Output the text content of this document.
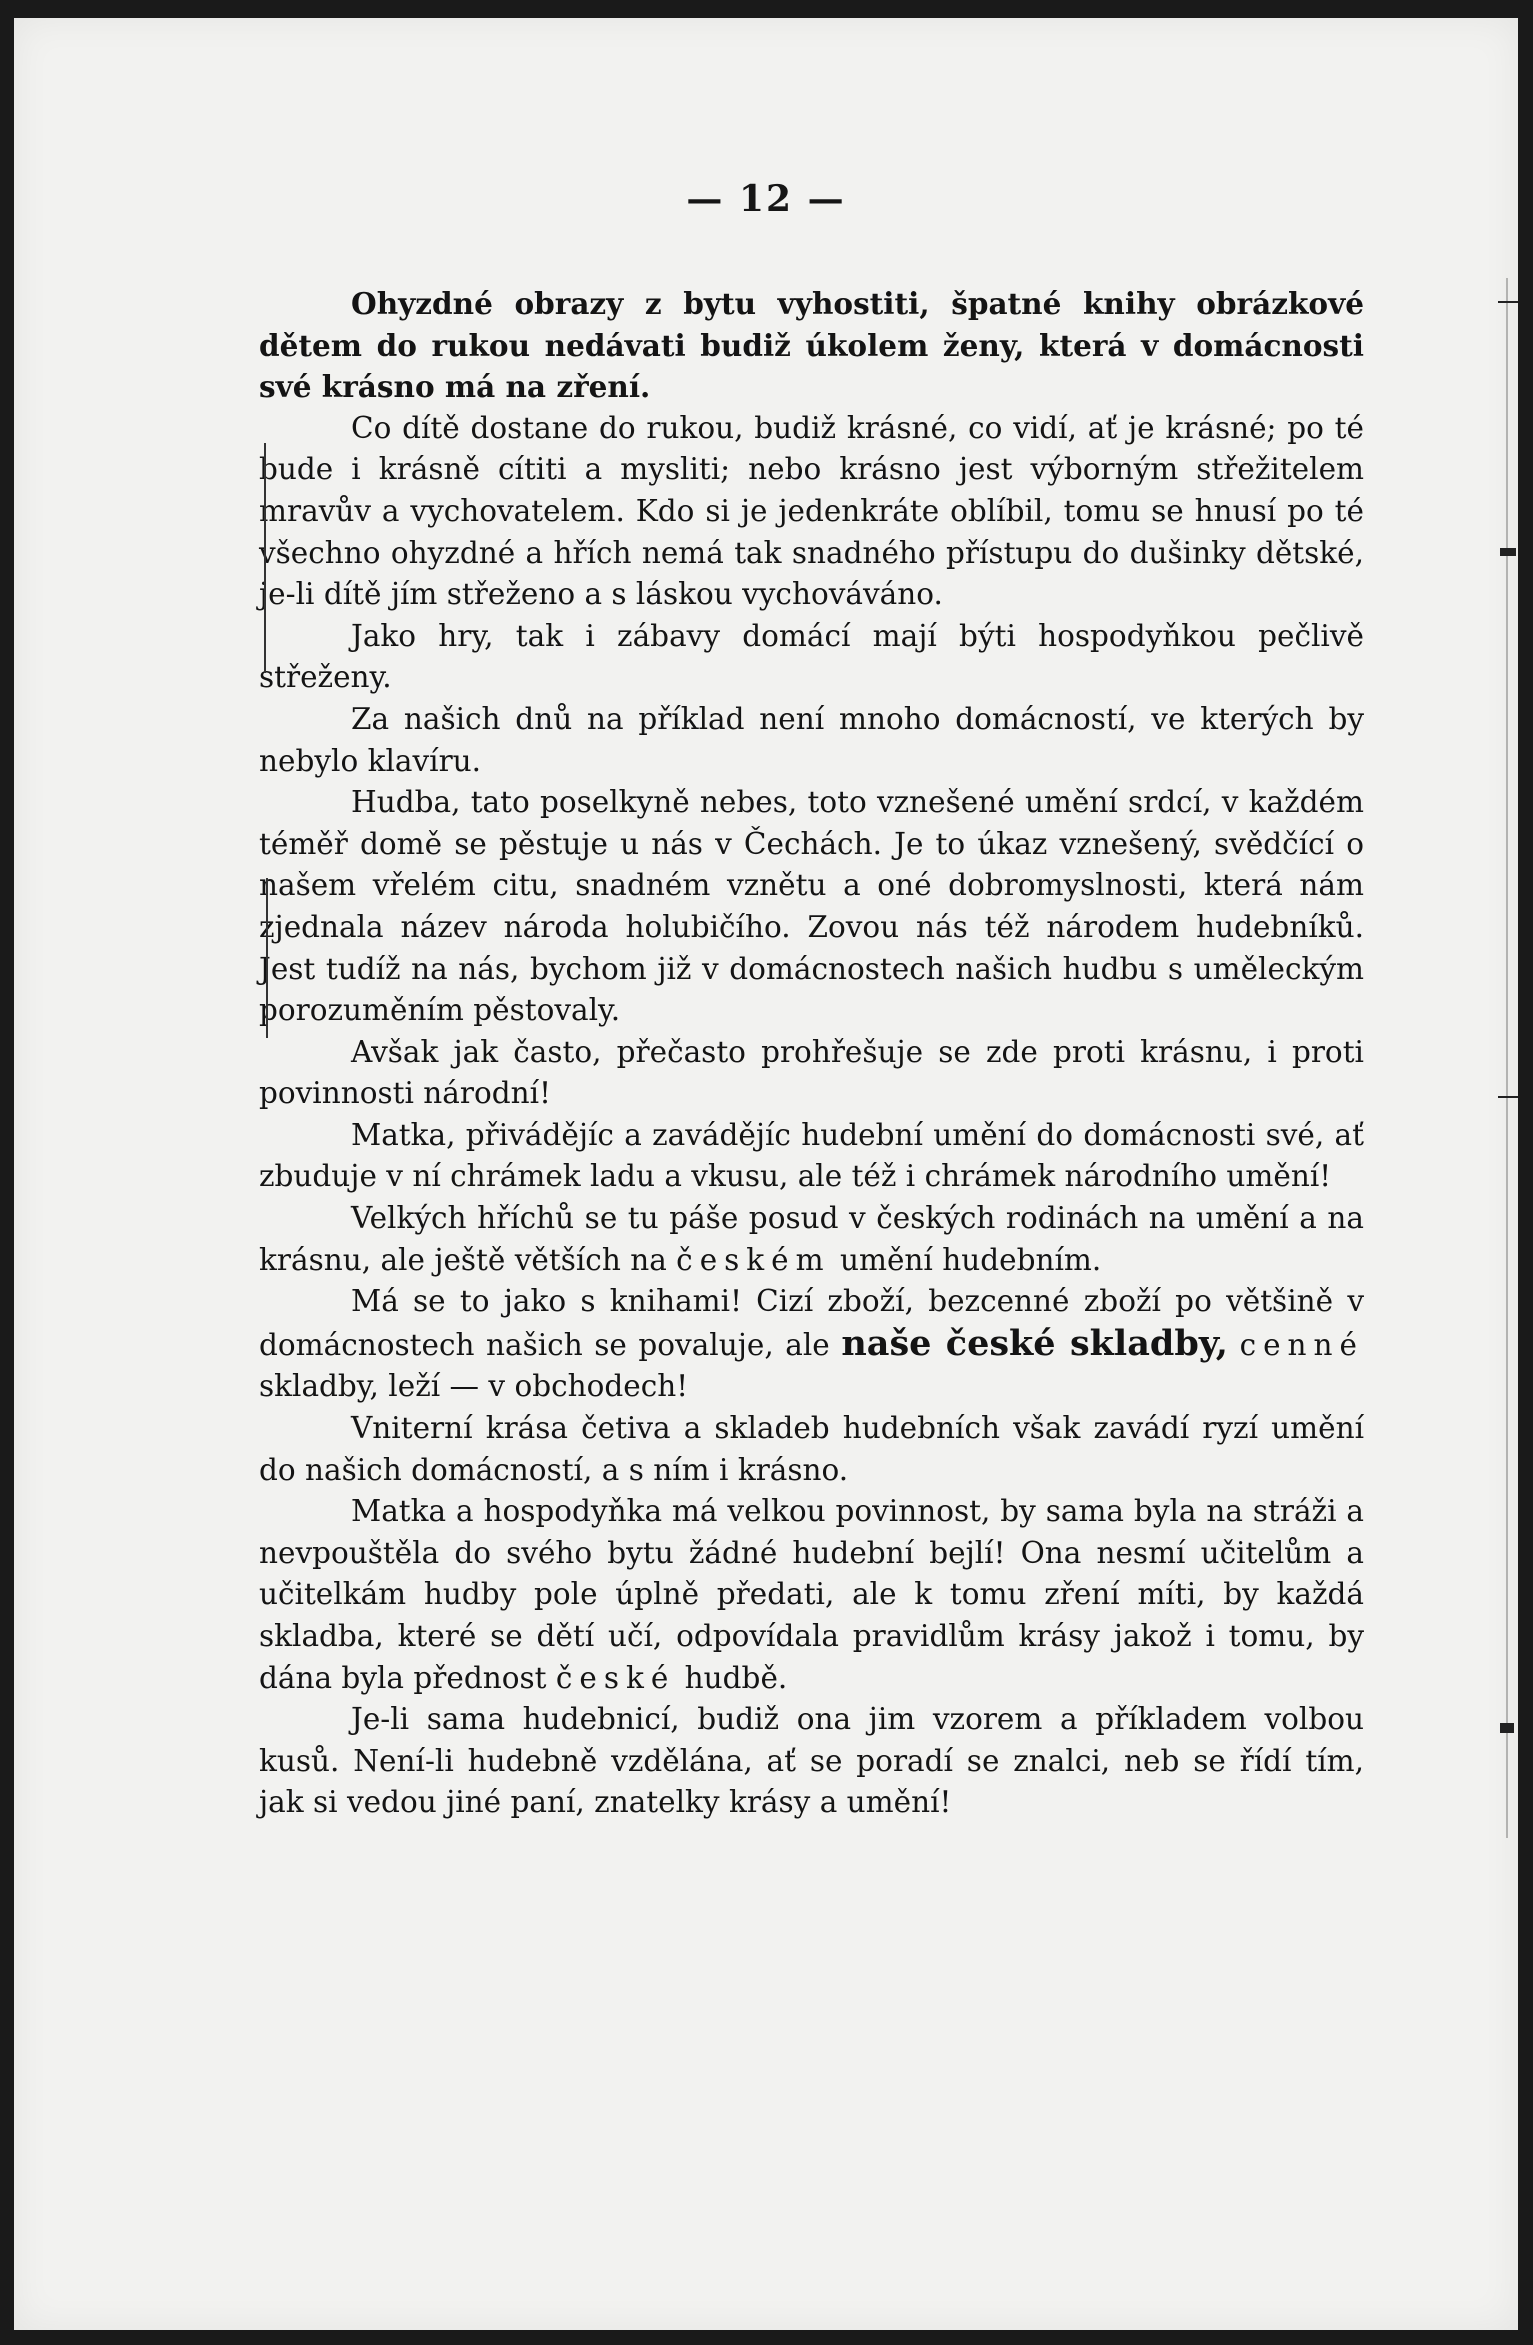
— 12 —

Ohyzdné obrazy z bytu vyhostiti, špatné knihy obrázkové dětem do rukou nedávati budiž úkolem ženy, která v domácnosti své krásno má na zření.

Co dítě dostane do rukou, budiž krásné, co vidí, ať je krásné; po té bude i krásně cítiti a mysliti; nebo krásno jest výborným střežitelem mravův a vychovatelem. Kdo si je jedenkráte oblíbil, tomu se hnusí po té všechno ohyzdné a hřích nemá tak snadného přístupu do dušinky dětské, je-li dítě jím střeženo a s láskou vychováváno.

Jako hry, tak i zábavy domácí mají býti hospodyňkou pečlivě střeženy.

Za našich dnů na příklad není mnoho domácností, ve kterých by nebylo klavíru.

Hudba, tato poselkyně nebes, toto vznešené umění srdcí, v každém téměř domě se pěstuje u nás v Čechách. Je to úkaz vznešený, svědčící o našem vřelém citu, snadném vznětu a oné dobromyslnosti, která nám zjednala název národa holubičího. Zovou nás též národem hudebníků. Jest tudíž na nás, bychom již v domácnostech našich hudbu s uměleckým porozuměním pěstovaly.

Avšak jak často, přečasto prohřešuje se zde proti krásnu, i proti povinnosti národní!

Matka, přivádějíc a zavádějíc hudební umění do domácnosti své, ať zbuduje v ní chrámek ladu a vkusu, ale též i chrámek národního umění!

Velkých hříchů se tu páše posud v českých rodinách na umění a na krásnu, ale ještě větších na českém umění hudebním.

Má se to jako s knihami! Cizí zboží, bezcenné zboží po většině v domácnostech našich se povaluje, ale naše české skladby, cenné skladby, leží — v obchodech!

Vniterní krása četiva a skladeb hudebních však zavádí ryzí umění do našich domácností, a s ním i krásno.

Matka a hospodyňka má velkou povinnost, by sama byla na stráži a nevpouštěla do svého bytu žádné hudební bejlí! Ona nesmí učitelům a učitelkám hudby pole úplně předati, ale k tomu zření míti, by každá skladba, které se dětí učí, odpovídala pravidlům krásy jakož i tomu, by dána byla přednost české hudbě.

Je-li sama hudebnicí, budiž ona jim vzorem a příkladem volbou kusů. Není-li hudebně vzdělána, ať se poradí se znalci, neb se řídí tím, jak si vedou jiné paní, znatelky krásy a umění!
